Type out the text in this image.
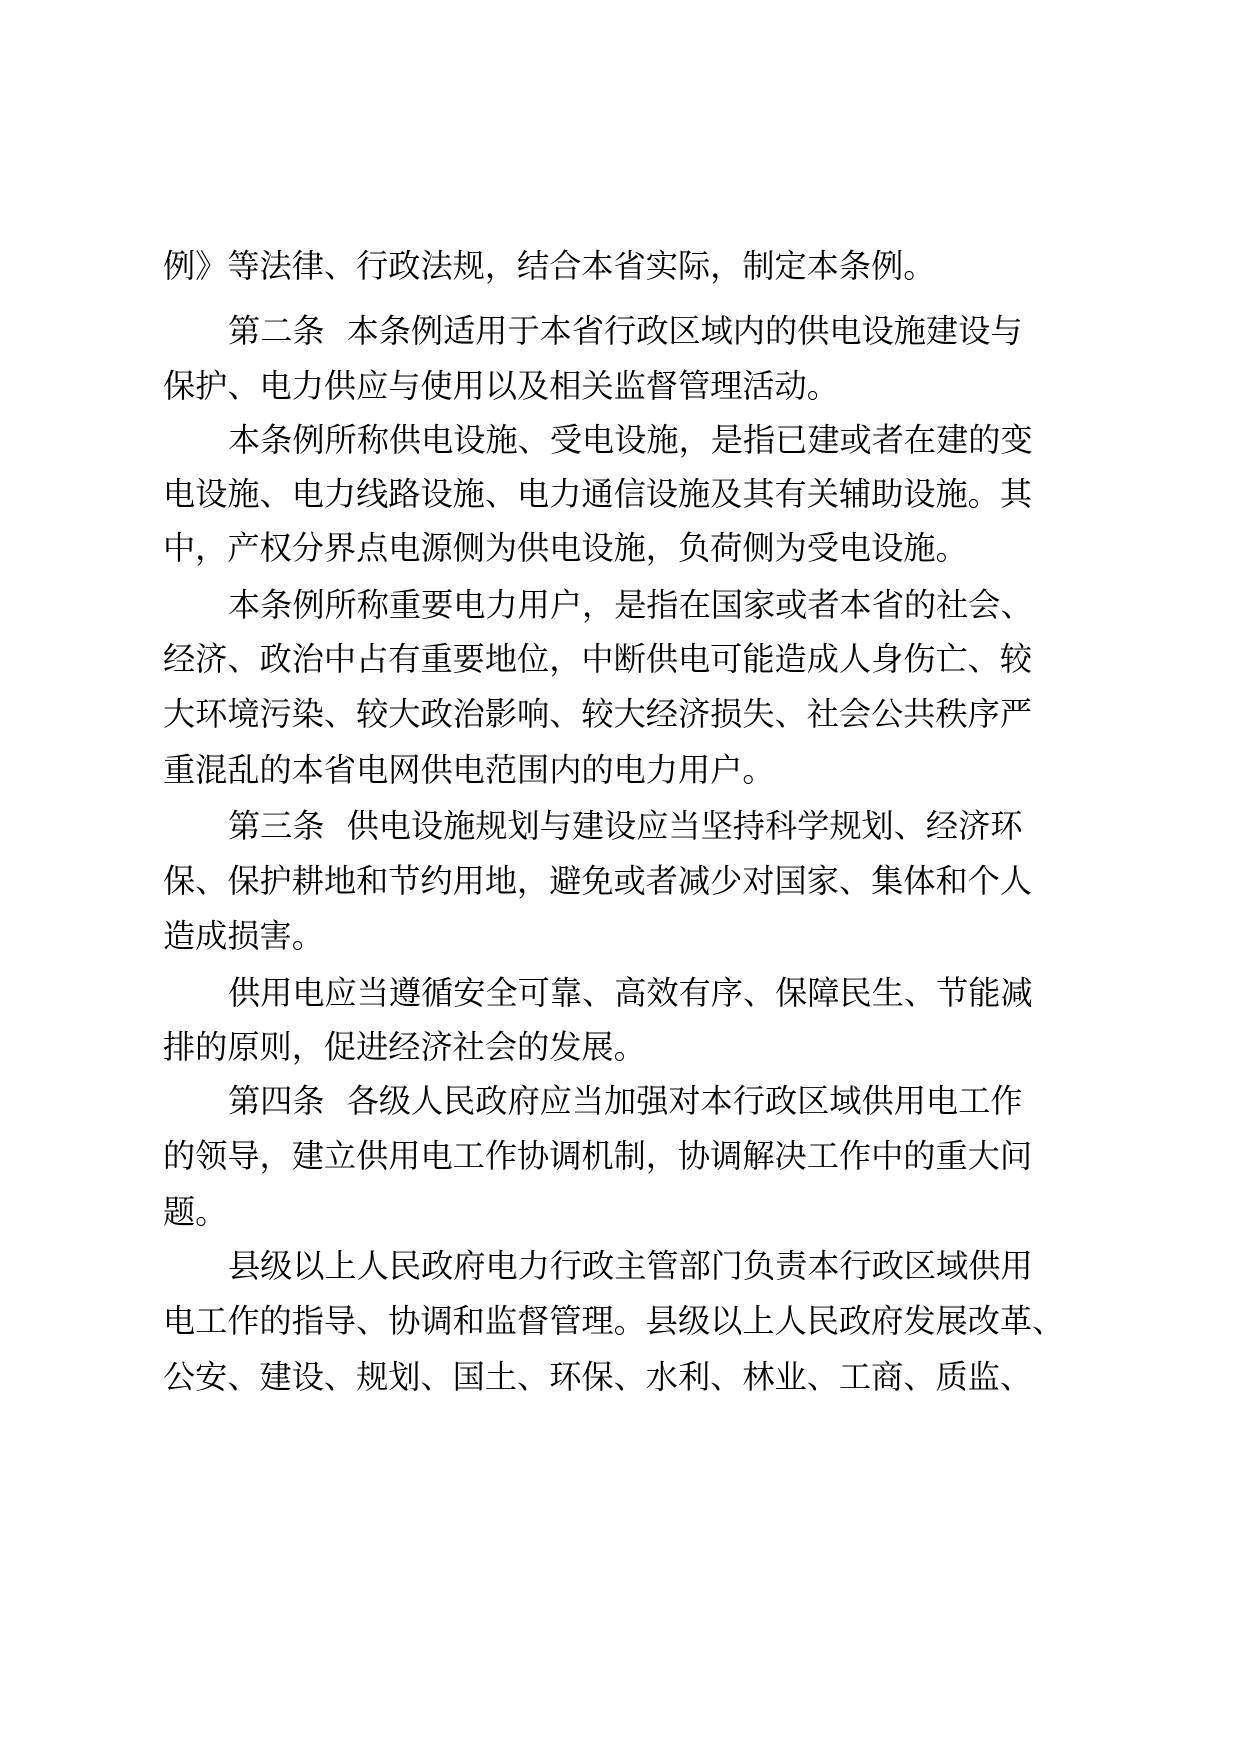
例》等法律、行政法规，结合本省实际，制定本条例。
第二条 本条例适用于本省行政区域内的供电设施建设与
保护、电力供应与使用以及相关监督管理活动。
本条例所称供电设施、受电设施，是指已建或者在建的变
电设施、电力线路设施、电力通信设施及其有关辅助设施。其
中，产权分界点电源侧为供电设施，负荷侧为受电设施。
本条例所称重要电力用户，是指在国家或者本省的社会、
经济、政治中占有重要地位，中断供电可能造成人身伤亡、较
大环境污染、较大政治影响、较大经济损失、社会公共秩序严
重混乱的本省电网供电范围内的电力用户。
第三条 供电设施规划与建设应当坚持科学规划、经济环
保、保护耕地和节约用地，避免或者减少对国家、集体和个人
造成损害。
供用电应当遵循安全可靠、高效有序、保障民生、节能减
排的原则，促进经济社会的发展。
第四条 各级人民政府应当加强对本行政区域供用电工作
的领导，建立供用电工作协调机制，协调解决工作中的重大问
题。
县级以上人民政府电力行政主管部门负责本行政区域供用
电工作的指导、协调和监督管理。县级以上人民政府发展改革、
公安、建设、规划、国土、环保、水利、林业、工商、质监、
